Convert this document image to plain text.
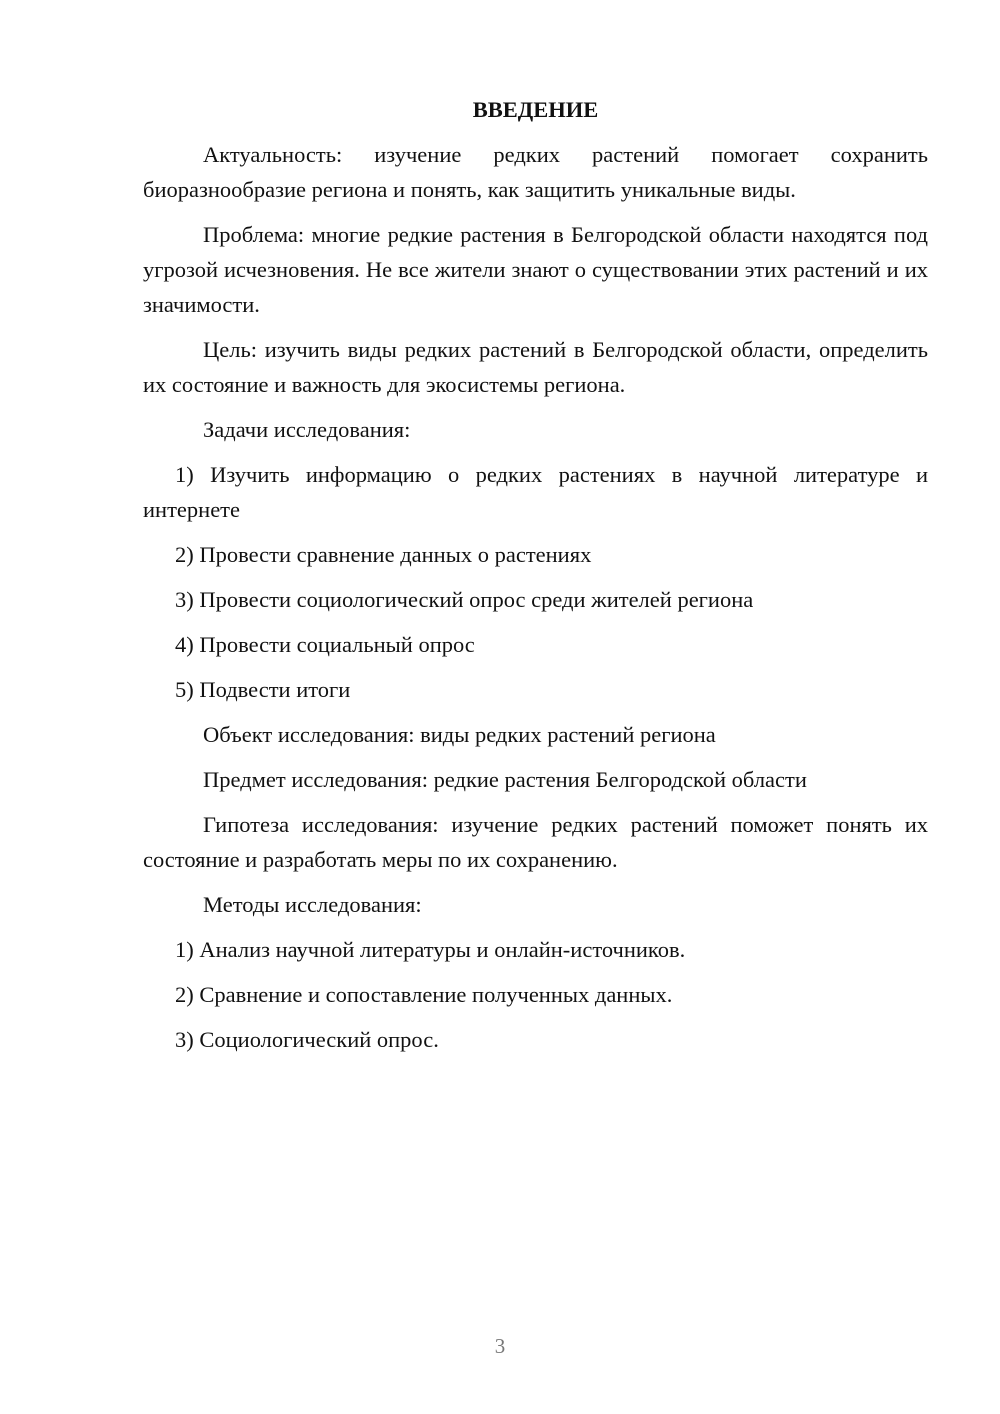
ВВЕДЕНИЕ

Актуальность: изучение редких растений помогает сохранить биоразнообразие региона и понять, как защитить уникальные виды.

Проблема: многие редкие растения в Белгородской области находятся под угрозой исчезновения. Не все жители знают о существовании этих растений и их значимости.

Цель: изучить виды редких растений в Белгородской области, определить их состояние и важность для экосистемы региона.

Задачи исследования:

1) Изучить информацию о редких растениях в научной литературе и интернете

2) Провести сравнение данных о растениях

3) Провести социологический опрос среди жителей региона

4) Провести социальный опрос

5) Подвести итоги

Объект исследования: виды редких растений региона

Предмет исследования: редкие растения Белгородской области

Гипотеза исследования: изучение редких растений поможет понять их состояние и разработать меры по их сохранению.

Методы исследования:

1) Анализ научной литературы и онлайн-источников.

2) Сравнение и сопоставление полученных данных.

3) Социологический опрос.

3
